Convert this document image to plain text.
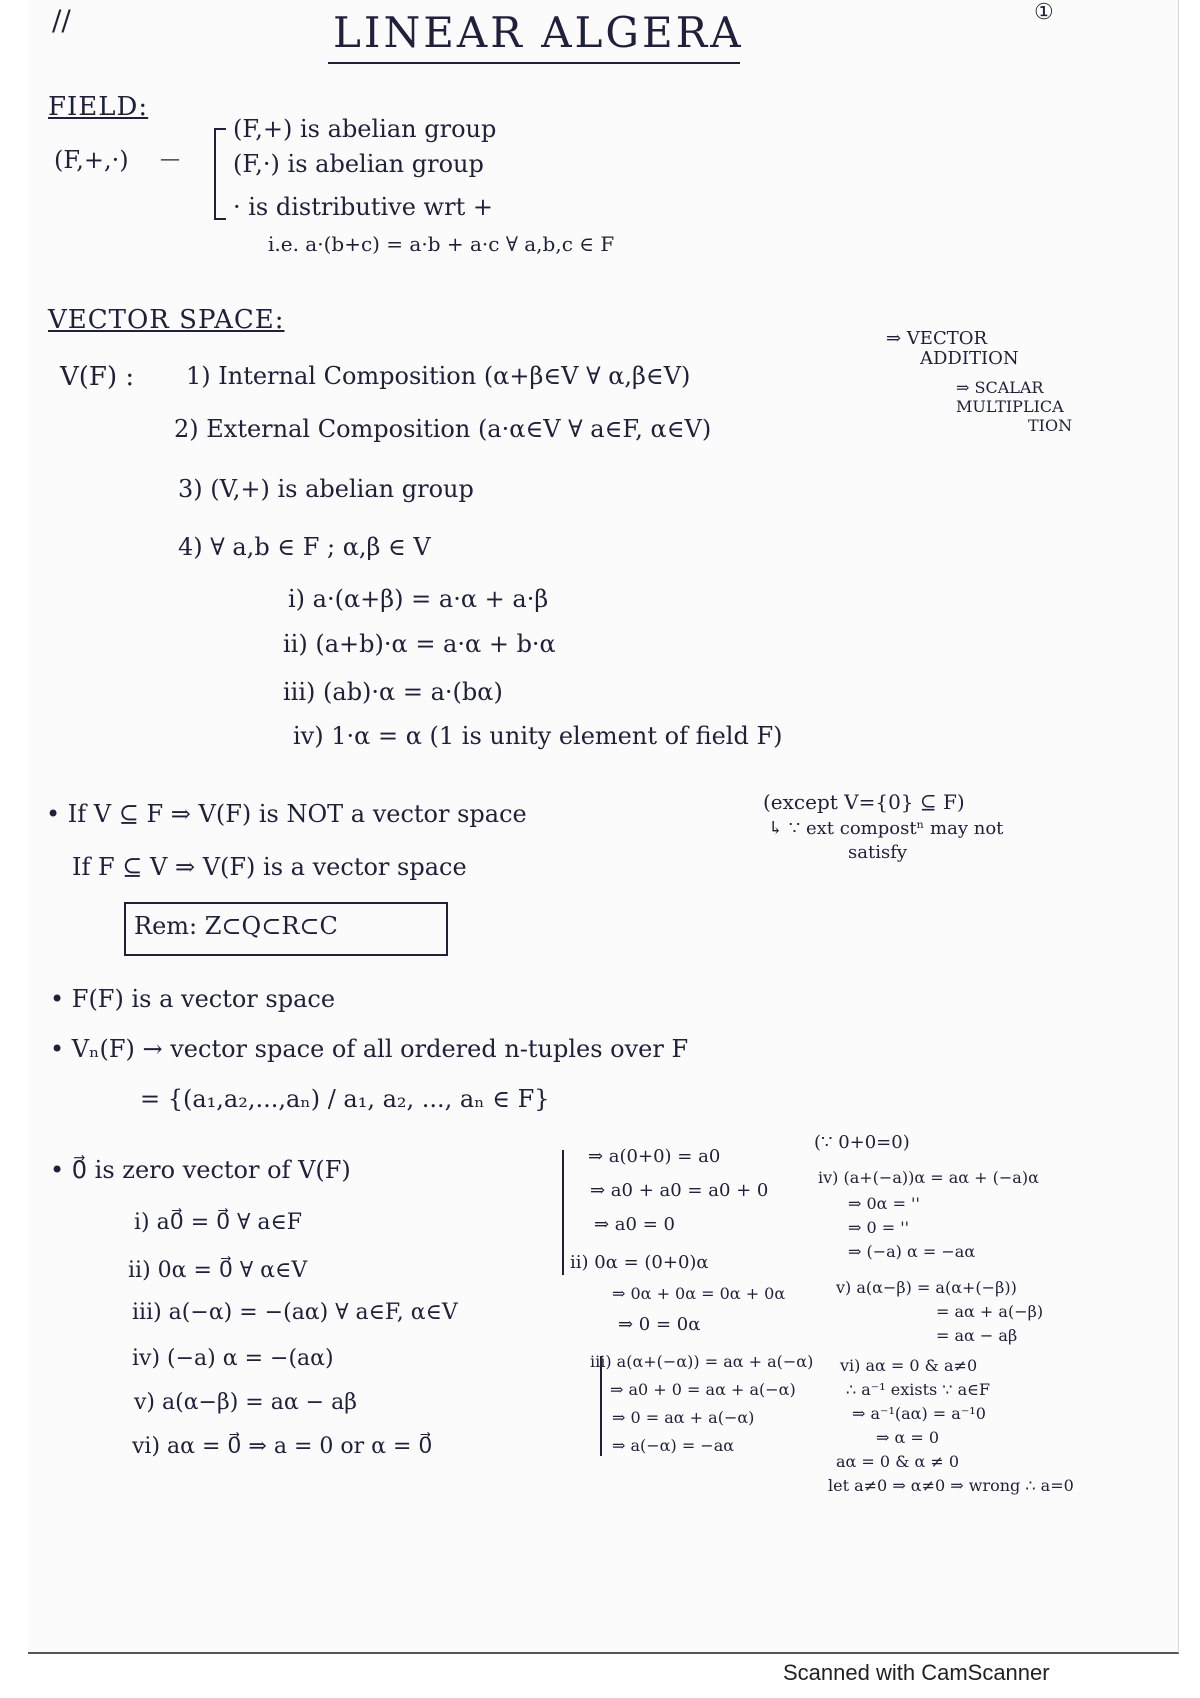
//	①
LINEAR ALGERA
FIELD:
(F,+,·) —
(F,+) is abelian group
(F,·) is abelian group
· is distributive wrt +
i.e. a·(b+c) = a·b + a·c ∀ a,b,c ∈ F
VECTOR SPACE:
V(F) : 1) Internal Composition (α+β∈V ∀ α,β∈V)
2) External Composition (a·α∈V ∀ a∈F, α∈V)
3) (V,+) is abelian group
4) ∀ a,b ∈ F ; α,β ∈ V
⇒ VECTOR
ADDITION
⇒ SCALAR
MULTIPLICA
TION
i) a·(α+β) = a·α + a·β
ii) (a+b)·α = a·α + b·α
iii) (ab)·α = a·(bα)
iv) 1·α = α (1 is unity element of field F)
• If V ⊆ F ⇒ V(F) is NOT a vector space	(except V={0} ⊆ F)
↳ ∵ ext compostⁿ may not
satisfy
If F ⊆ V ⇒ V(F) is a vector space
Rem: Z⊂Q⊂R⊂C
• F(F) is a vector space
• Vₙ(F) → vector space of all ordered n-tuples over F
= {(a₁,a₂,...,aₙ) / a₁, a₂, ..., aₙ ∈ F}
• 0⃗ is zero vector of V(F)
i) a0⃗ = 0⃗ ∀ a∈F
ii) 0α = 0⃗ ∀ α∈V
iii) a(−α) = −(aα) ∀ a∈F, α∈V
iv) (−a) α = −(aα)
v) a(α−β) = aα − aβ
vi) aα = 0⃗ ⇒ a = 0 or α = 0⃗
⇒ a(0+0) = a0
⇒ a0 + a0 = a0 + 0
⇒ a0 = 0
ii) 0α = (0+0)α
⇒ 0α + 0α = 0α + 0α
⇒ 0 = 0α
iii) a(α+(−α)) = aα + a(−α)
⇒ a0 + 0 = aα + a(−α)
⇒ 0 = aα + a(−α)
⇒ a(−α) = −aα
(∵ 0+0=0)
iv) (a+(−a))α = aα + (−a)α
⇒ 0α = ''
⇒ 0 = ''
⇒ (−a) α = −aα
v) a(α−β) = a(α+(−β))
= aα + a(−β)
= aα − aβ
vi) aα = 0 & a≠0
∴ a⁻¹ exists ∵ a∈F
⇒ a⁻¹(aα) = a⁻¹0
⇒ α = 0
aα = 0 & α ≠ 0
let a≠0 ⇒ α≠0 ⇒ wrong ∴ a=0
Scanned with CamScanner
